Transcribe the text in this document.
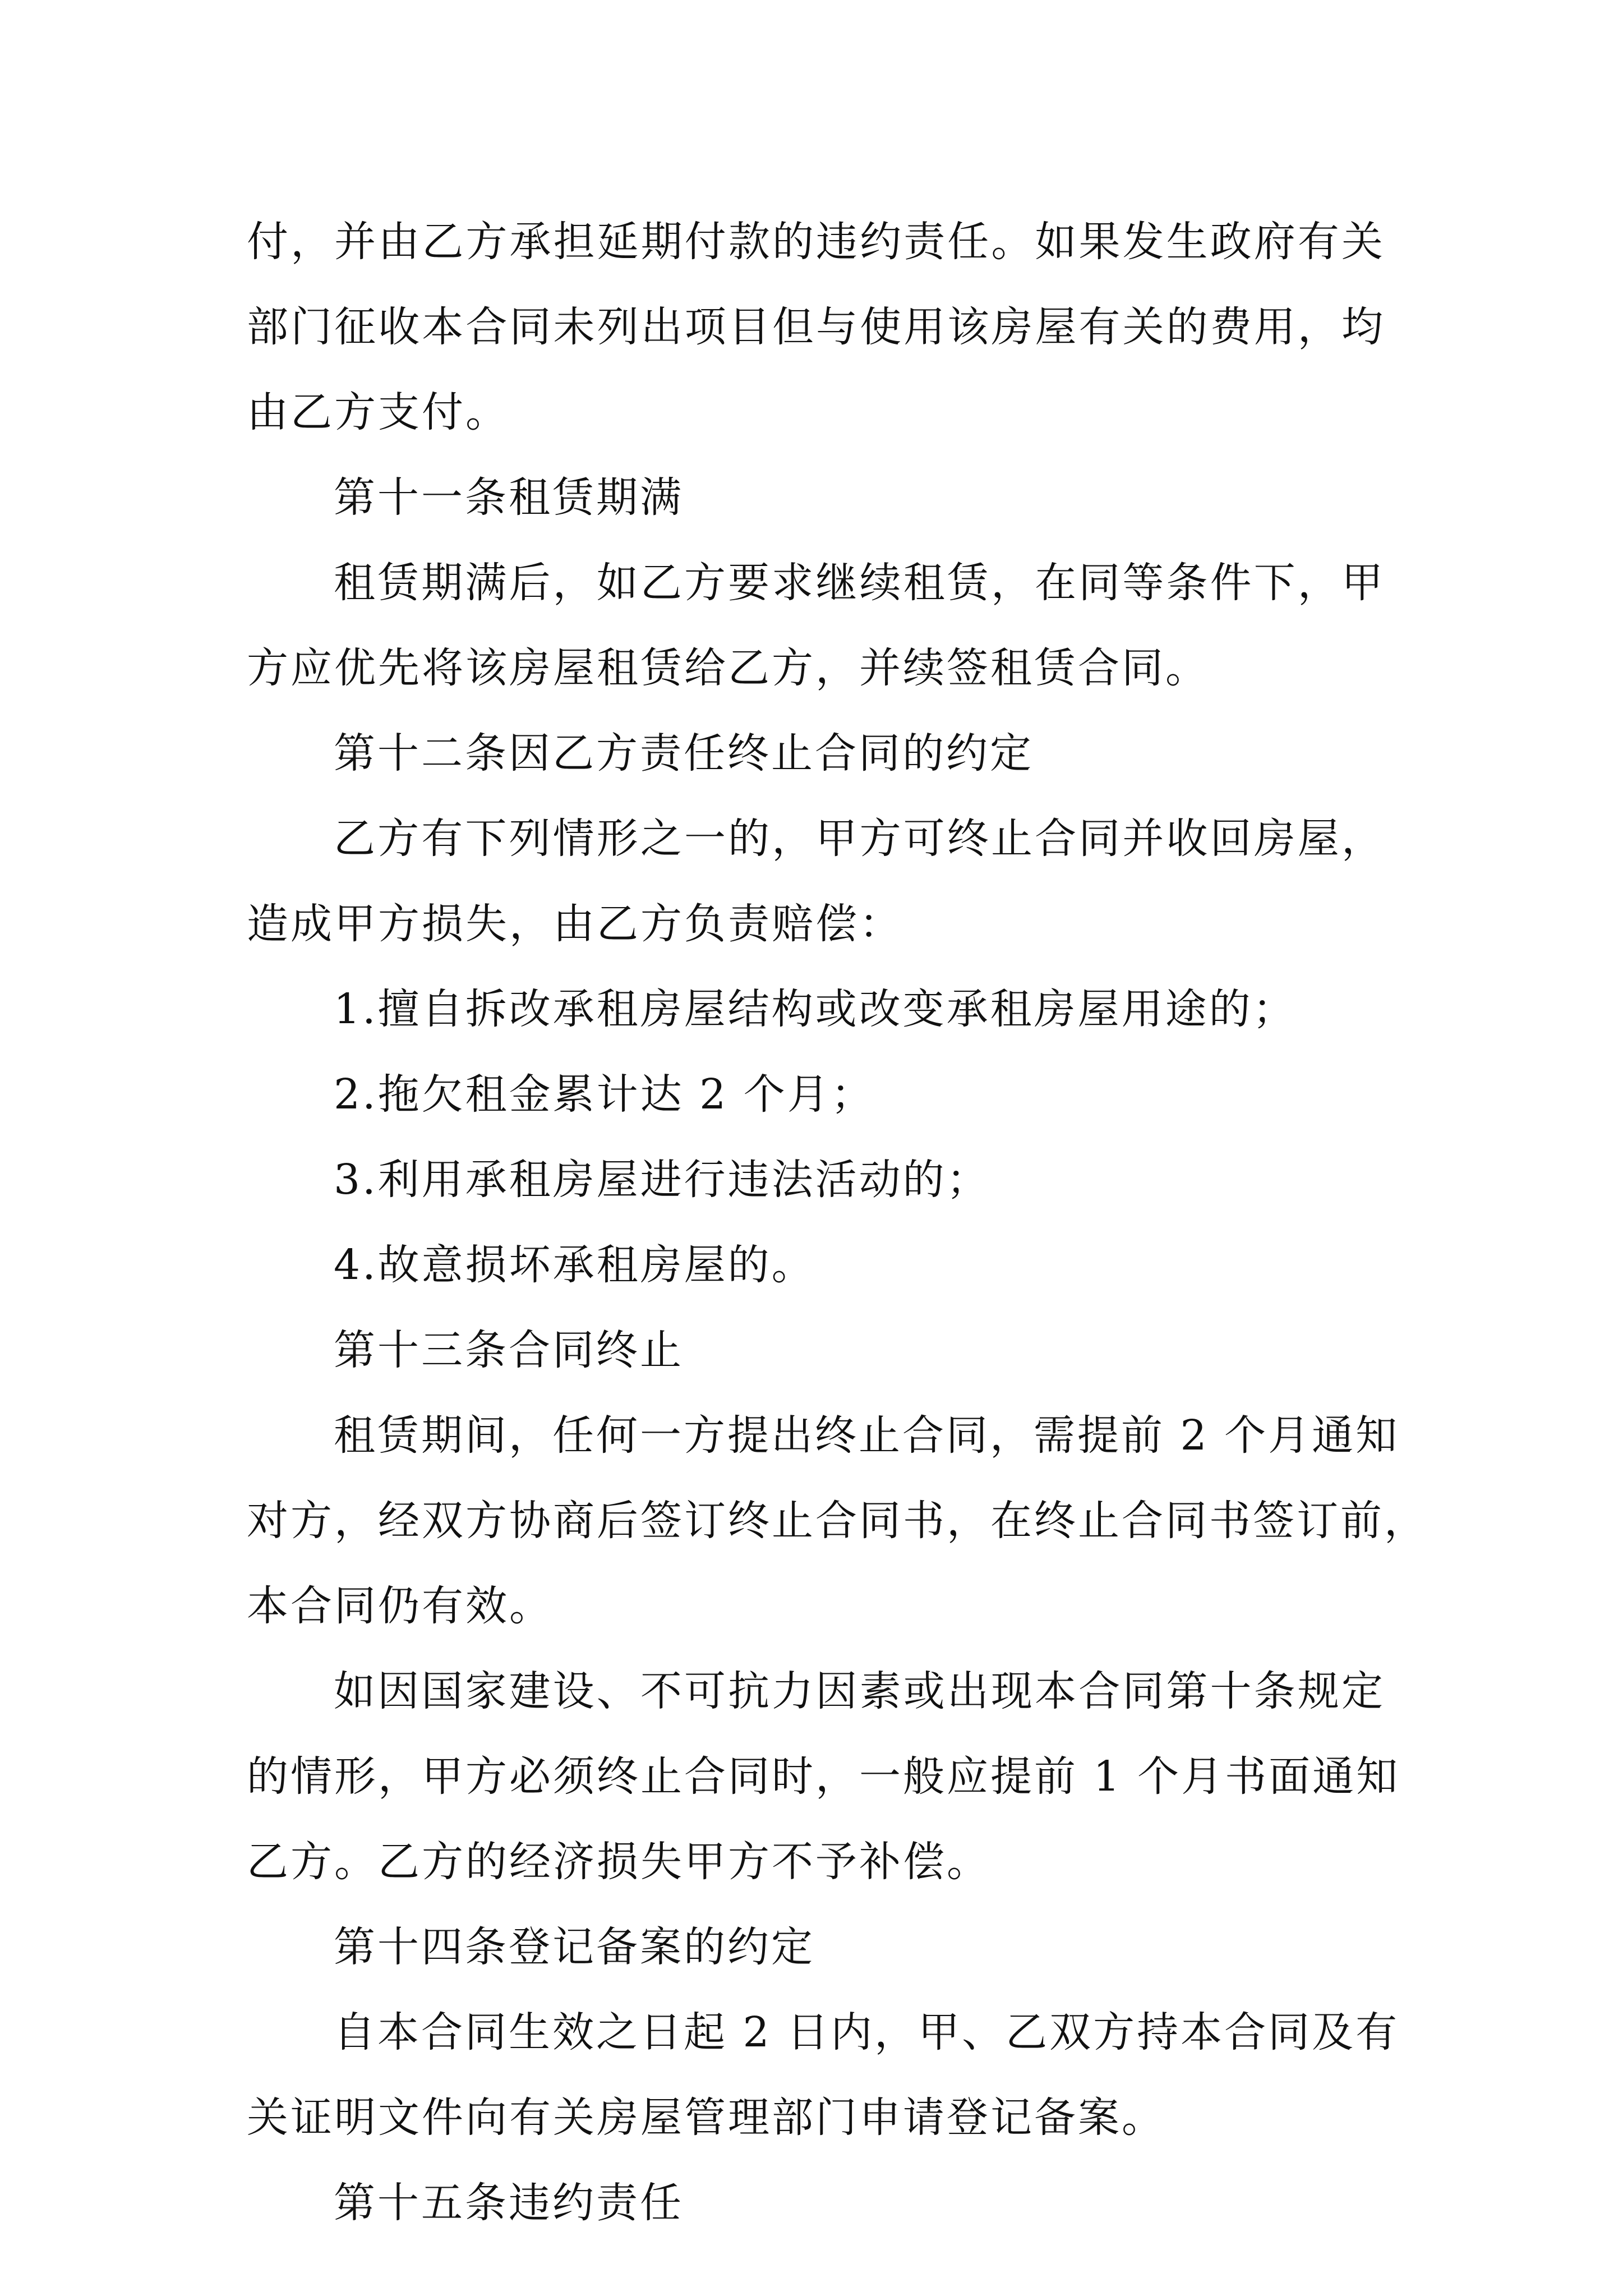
付，并由乙方承担延期付款的违约责任。如果发生政府有关
部门征收本合同未列出项目但与使用该房屋有关的费用，均
由乙方支付。
第十一条租赁期满
租赁期满后，如乙方要求继续租赁，在同等条件下，甲
方应优先将该房屋租赁给乙方，并续签租赁合同。
第十二条因乙方责任终止合同的约定
乙方有下列情形之一的，甲方可终止合同并收回房屋，
造成甲方损失，由乙方负责赔偿：
1.擅自拆改承租房屋结构或改变承租房屋用途的；
2.拖欠租金累计达 2 个月；
3.利用承租房屋进行违法活动的；
4.故意损坏承租房屋的。
第十三条合同终止
租赁期间，任何一方提出终止合同，需提前 2 个月通知
对方，经双方协商后签订终止合同书，在终止合同书签订前，
本合同仍有效。
如因国家建设、不可抗力因素或出现本合同第十条规定
的情形，甲方必须终止合同时，一般应提前 1 个月书面通知
乙方。乙方的经济损失甲方不予补偿。
第十四条登记备案的约定
自本合同生效之日起 2 日内，甲、乙双方持本合同及有
关证明文件向有关房屋管理部门申请登记备案。
第十五条违约责任
